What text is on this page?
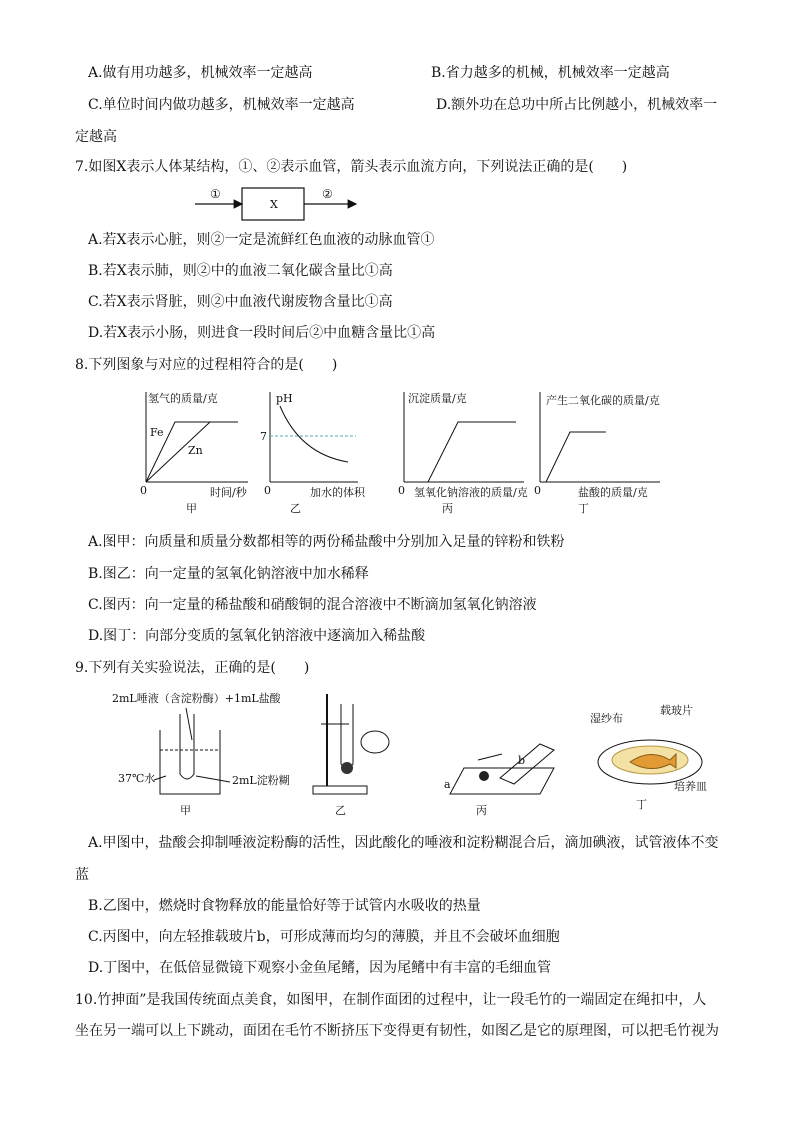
A.做有用功越多，机械效率一定越高	B.省力越多的机械，机械效率一定越高
C.单位时间内做功越多，机械效率一定越高	D.额外功在总功中所占比例越小，机械效率一
定越高
7.如图X表示人体某结构，①、②表示血管，箭头表示血流方向，下列说法正确的是(　　)
①
X
②
A.若X表示心脏，则②一定是流鲜红色血液的动脉血管①
B.若X表示肺，则②中的血液二氧化碳含量比①高
C.若X表示肾脏，则②中血液代谢废物含量比①高
D.若X表示小肠，则进食一段时间后②中血糖含量比①高
8.下列图象与对应的过程相符合的是(　　)
氢气的质量/克
Fe
Zn
0	时间/秒
甲
pH
7
0	加水的体积
乙
沉淀质量/克
0 氢氧化钠溶液的质量/克
丙
产生二氧化碳的质量/克
0	盐酸的质量/克
丁
A.图甲：向质量和质量分数都相等的两份稀盐酸中分别加入足量的锌粉和铁粉
B.图乙：向一定量的氢氧化钠溶液中加水稀释
C.图丙：向一定量的稀盐酸和硝酸铜的混合溶液中不断滴加氢氧化钠溶液
D.图丁：向部分变质的氢氧化钠溶液中逐滴加入稀盐酸
9.下列有关实验说法，正确的是(　　)
2mL唾液（含淀粉酶）+1mL盐酸
37℃水	2mL淀粉糊
甲	乙
a
b
丙
湿纱布
载玻片
培养皿
丁
A.甲图中，盐酸会抑制唾液淀粉酶的活性，因此酸化的唾液和淀粉糊混合后，滴加碘液，试管液体不变
蓝
B.乙图中，燃烧时食物释放的能量恰好等于试管内水吸收的热量
C.丙图中，向左轻推载玻片b，可形成薄而均匀的薄膜，并且不会破坏血细胞
D.丁图中，在低倍显微镜下观察小金鱼尾鳍，因为尾鳍中有丰富的毛细血管
10.竹抻面”是我国传统面点美食，如图甲，在制作面团的过程中，让一段毛竹的一端固定在绳扣中，人
坐在另一端可以上下跳动，面团在毛竹不断挤压下变得更有韧性，如图乙是它的原理图，可以把毛竹视为
